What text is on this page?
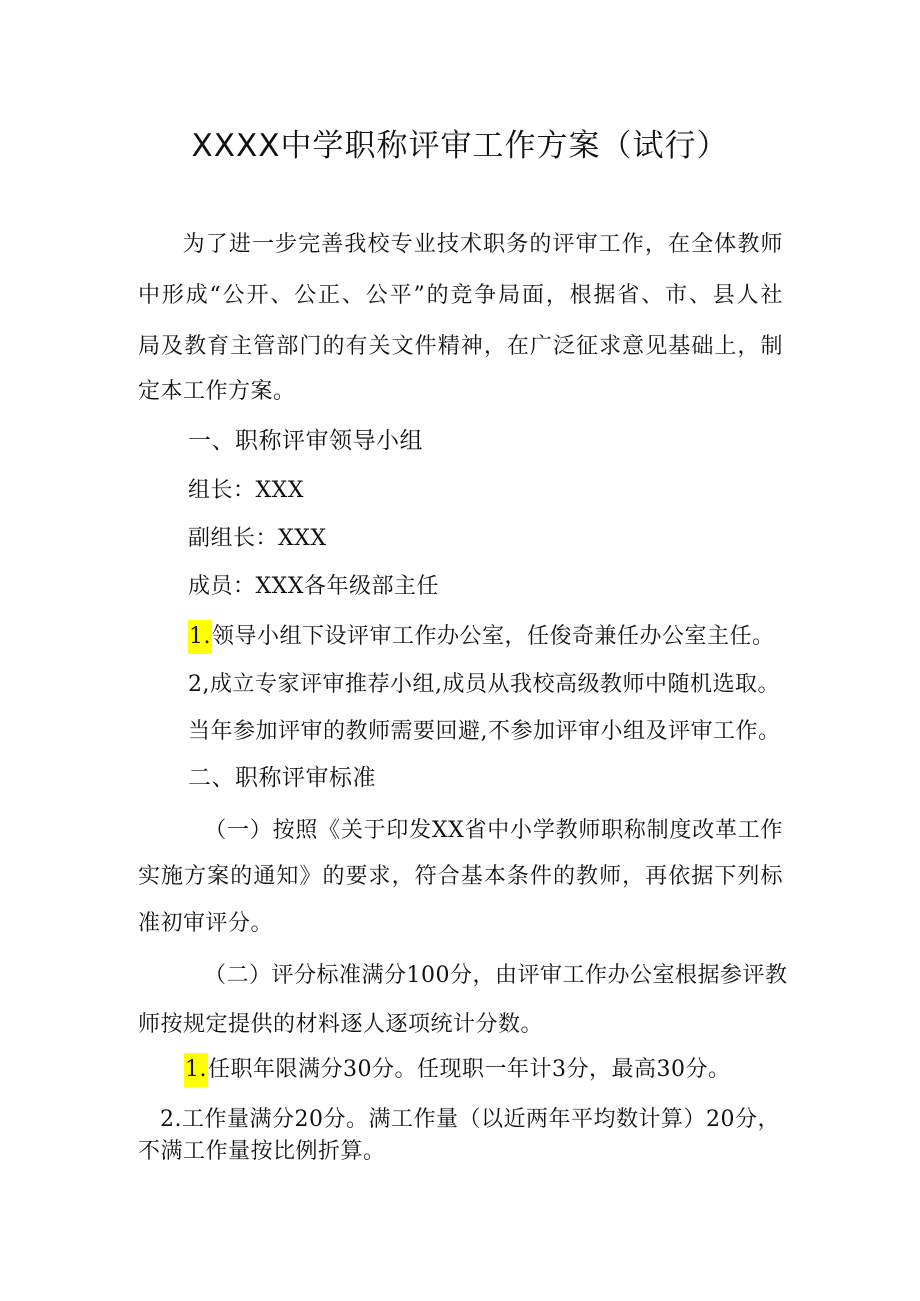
XXXX中学职称评审工作方案（试行）
为了进一步完善我校专业技术职务的评审工作，在全体教师
中形成“公开、公正、公平”的竞争局面，根据省、市、县人社
局及教育主管部门的有关文件精神，在广泛征求意见基础上，制
定本工作方案。
一、职称评审领导小组
组长：XXX
副组长：XXX
成员：XXX各年级部主任
1.领导小组下设评审工作办公室，任俊奇兼任办公室主任。
2,成立专家评审推荐小组,成员从我校高级教师中随机选取。
当年参加评审的教师需要回避,不参加评审小组及评审工作。
二、职称评审标准
（一）按照《关于印发XX省中小学教师职称制度改革工作
实施方案的通知》的要求，符合基本条件的教师，再依据下列标
准初审评分。
（二）评分标准满分100分，由评审工作办公室根据参评教
师按规定提供的材料逐人逐项统计分数。
1.任职年限满分30分。任现职一年计3分，最高30分。
2.工作量满分20分。满工作量（以近两年平均数计算）20分，
不满工作量按比例折算。
